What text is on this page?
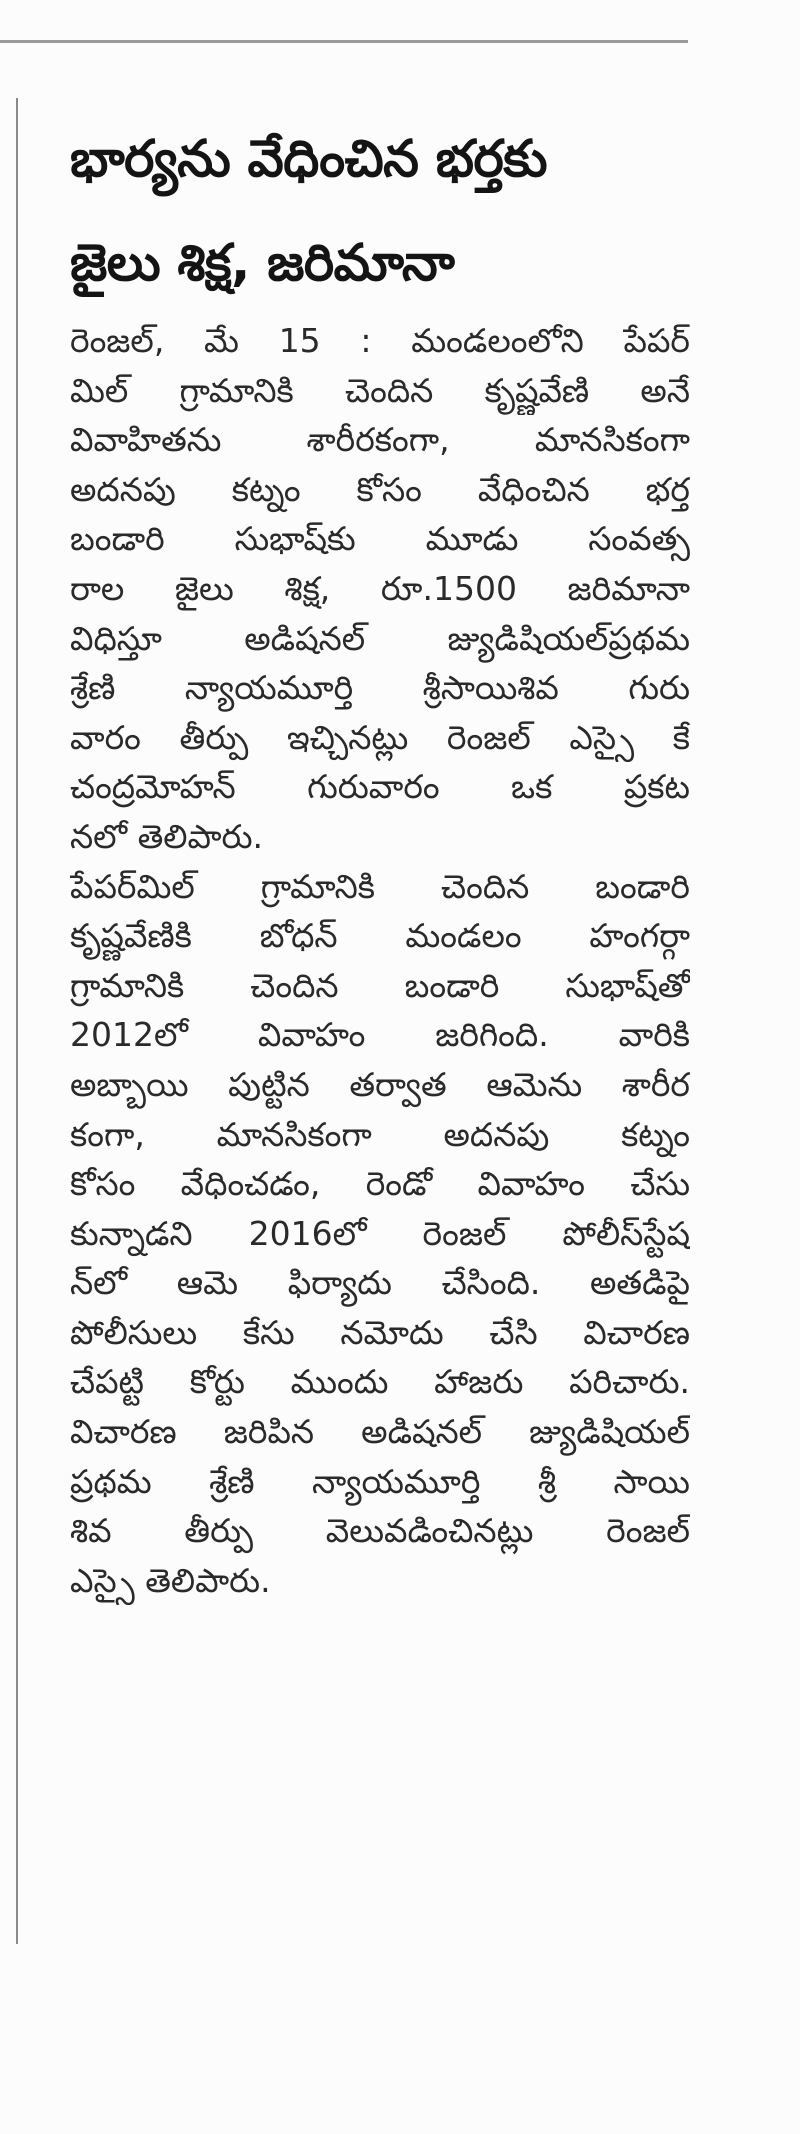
భార్యను వేధించిన భర్తకు
జైలు శిక్ష, జరిమానా
రెంజల్, మే 15 : మండలంలోని పేపర్
మిల్ గ్రామానికి చెందిన కృష్ణవేణి అనే
వివాహితను శారీరకంగా, మానసికంగా
అదనపు కట్నం కోసం వేధించిన భర్త
బండారి సుభాష్‌కు మూడు సంవత్స
రాల జైలు శిక్ష, రూ.1500 జరిమానా
విధిస్తూ అడిషనల్ జ్యుడిషియల్‌ప్రథమ
శ్రేణి న్యాయమూర్తి శ్రీసాయిశివ గురు
వారం తీర్పు ఇచ్చినట్లు రెంజల్ ఎస్సై కే
చంద్రమోహన్ గురువారం ఒక ప్రకట
నలో తెలిపారు.
పేపర్‌మిల్ గ్రామానికి చెందిన బండారి
కృష్ణవేణికి బోధన్ మండలం హంగర్గా
గ్రామానికి చెందిన బండారి సుభాష్‌తో
2012లో వివాహం జరిగింది. వారికి
అబ్బాయి పుట్టిన తర్వాత ఆమెను శారీర
కంగా, మానసికంగా అదనపు కట్నం
కోసం వేధించడం, రెండో వివాహం చేసు
కున్నాడని 2016లో రెంజల్ పోలీస్‌స్టేష
న్‌లో ఆమె ఫిర్యాదు చేసింది. అతడిపై
పోలీసులు కేసు నమోదు చేసి విచారణ
చేపట్టి కోర్టు ముందు హాజరు పరిచారు.
విచారణ జరిపిన అడిషనల్ జ్యుడిషియల్
ప్రథమ శ్రేణి న్యాయమూర్తి శ్రీ సాయి
శివ తీర్పు వెలువడించినట్లు రెంజల్
ఎస్సై తెలిపారు.
